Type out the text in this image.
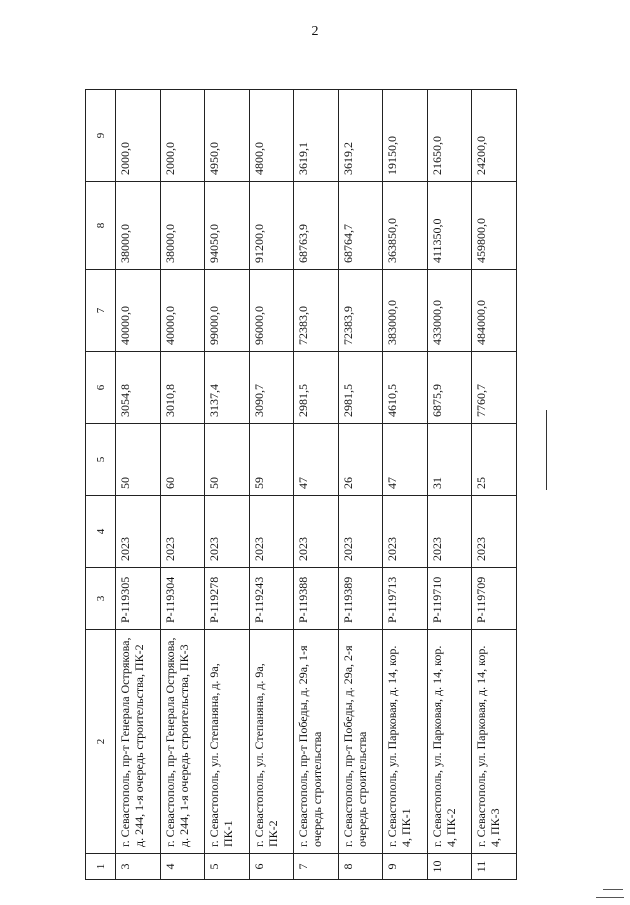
2
1	2	3	4	5	6	7	8	9
3	г. Севастополь, пр-т Генерала Острякова, д. 244, 1-я очередь строительства, ПК-2	Р-119305	2023	50	3054,8	40000,0	38000,0	2000,0
4	г. Севастополь, пр-т Генерала Острякова, д. 244, 1-я очередь строительства, ПК-3	Р-119304	2023	60	3010,8	40000,0	38000,0	2000,0
5	г. Севастополь, ул. Степаняна, д. 9а, ПК-1	Р-119278	2023	50	3137,4	99000,0	94050,0	4950,0
6	г. Севастополь, ул. Степаняна, д. 9а, ПК-2	Р-119243	2023	59	3090,7	96000,0	91200,0	4800,0
7	г. Севастополь, пр-т Победы, д. 29а, 1-я очередь строительства	Р-119388	2023	47	2981,5	72383,0	68763,9	3619,1
8	г. Севастополь, пр-т Победы, д. 29а, 2-я очередь строительства	Р-119389	2023	26	2981,5	72383,9	68764,7	3619,2
9	г. Севастополь, ул. Парковая, д. 14, кор. 4, ПК-1	Р-119713	2023	47	4610,5	383000,0	363850,0	19150,0
10	г. Севастополь, ул. Парковая, д. 14, кор. 4, ПК-2	Р-119710	2023	31	6875,9	433000,0	411350,0	21650,0
11	г. Севастополь, ул. Парковая, д. 14, кор. 4, ПК-3	Р-119709	2023	25	7760,7	484000,0	459800,0	24200,0
